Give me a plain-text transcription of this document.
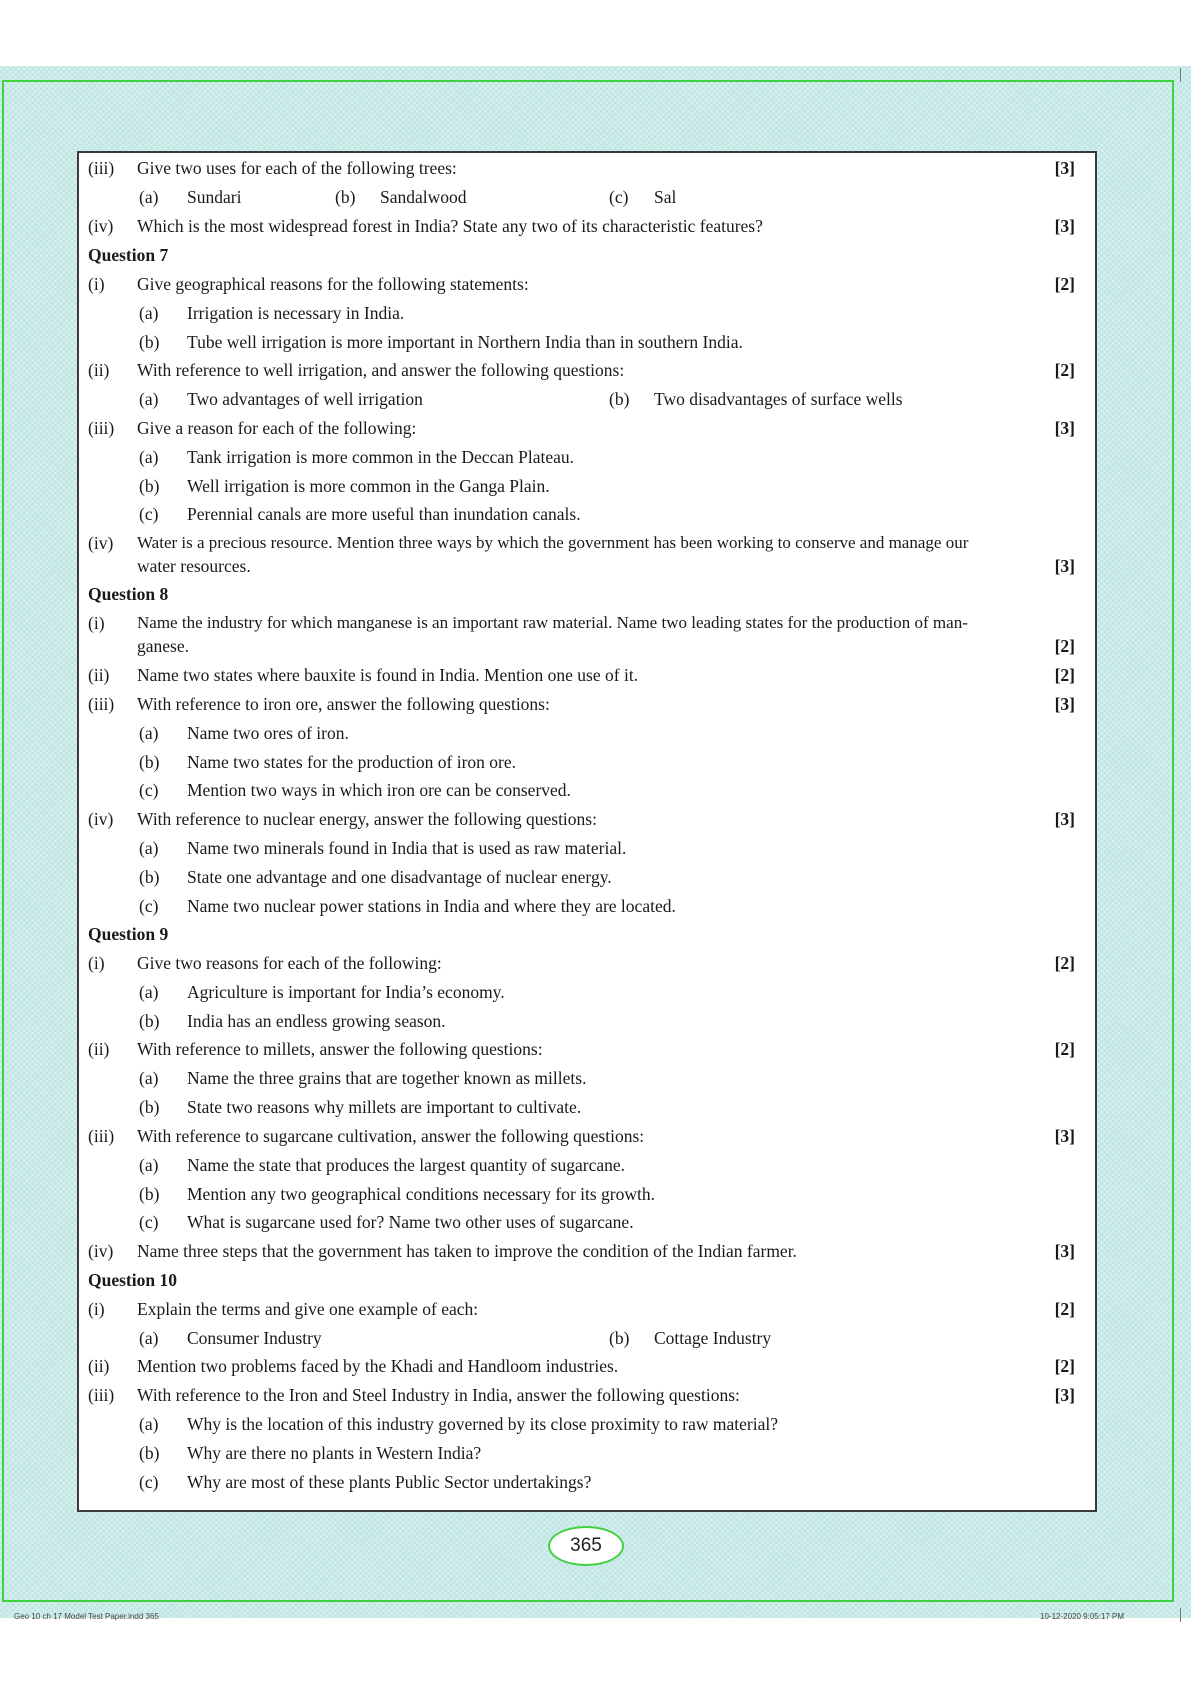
(iii) Give two uses for each of the following trees:	[3]
(a) Sundari	(b) Sandalwood	(c) Sal
(iv) Which is the most widespread forest in India? State any two of its characteristic features?	[3]
Question 7
(i) Give geographical reasons for the following statements:	[2]
(a) Irrigation is necessary in India.
(b) Tube well irrigation is more important in Northern India than in southern India.
(ii) With reference to well irrigation, and answer the following questions:	[2]
(a) Two advantages of well irrigation	(b) Two disadvantages of surface wells
(iii) Give a reason for each of the following:	[3]
(a) Tank irrigation is more common in the Deccan Plateau.
(b) Well irrigation is more common in the Ganga Plain.
(c) Perennial canals are more useful than inundation canals.
(iv) Water is a precious resource. Mention three ways by which the government has been working to conserve and manage our
water resources.	[3]
Question 8
(i) Name the industry for which manganese is an important raw material. Name two leading states for the production of man-
ganese.	[2]
(ii) Name two states where bauxite is found in India. Mention one use of it.	[2]
(iii) With reference to iron ore, answer the following questions:	[3]
(a) Name two ores of iron.
(b) Name two states for the production of iron ore.
(c) Mention two ways in which iron ore can be conserved.
(iv) With reference to nuclear energy, answer the following questions:	[3]
(a) Name two minerals found in India that is used as raw material.
(b) State one advantage and one disadvantage of nuclear energy.
(c) Name two nuclear power stations in India and where they are located.
Question 9
(i) Give two reasons for each of the following:	[2]
(a) Agriculture is important for India’s economy.
(b) India has an endless growing season.
(ii) With reference to millets, answer the following questions:	[2]
(a) Name the three grains that are together known as millets.
(b) State two reasons why millets are important to cultivate.
(iii) With reference to sugarcane cultivation, answer the following questions:	[3]
(a) Name the state that produces the largest quantity of sugarcane.
(b) Mention any two geographical conditions necessary for its growth.
(c) What is sugarcane used for? Name two other uses of sugarcane.
(iv) Name three steps that the government has taken to improve the condition of the Indian farmer.	[3]
Question 10
(i) Explain the terms and give one example of each:	[2]
(a) Consumer Industry	(b) Cottage Industry
(ii) Mention two problems faced by the Khadi and Handloom industries.	[2]
(iii) With reference to the Iron and Steel Industry in India, answer the following questions:	[3]
(a) Why is the location of this industry governed by its close proximity to raw material?
(b) Why are there no plants in Western India?
(c) Why are most of these plants Public Sector undertakings?
365
Geo 10 ch 17 Model Test Paper.indd 365	10-12-2020 9:05:17 PM
